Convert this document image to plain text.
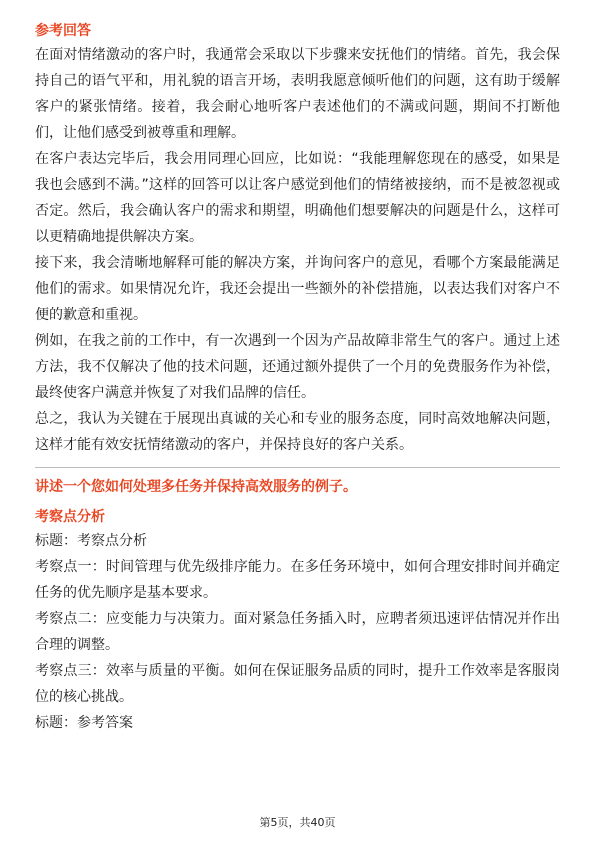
参考回答

在面对情绪激动的客户时，我通常会采取以下步骤来安抚他们的情绪。首先，我会保持自己的语气平和，用礼貌的语言开场，表明我愿意倾听他们的问题，这有助于缓解客户的紧张情绪。接着，我会耐心地听客户表述他们的不满或问题，期间不打断他们，让他们感受到被尊重和理解。

在客户表达完毕后，我会用同理心回应，比如说：“我能理解您现在的感受，如果是我也会感到不满。”这样的回答可以让客户感觉到他们的情绪被接纳，而不是被忽视或否定。然后，我会确认客户的需求和期望，明确他们想要解决的问题是什么，这样可以更精确地提供解决方案。

接下来，我会清晰地解释可能的解决方案，并询问客户的意见，看哪个方案最能满足他们的需求。如果情况允许，我还会提出一些额外的补偿措施，以表达我们对客户不便的歉意和重视。

例如，在我之前的工作中，有一次遇到一个因为产品故障非常生气的客户。通过上述方法，我不仅解决了他的技术问题，还通过额外提供了一个月的免费服务作为补偿，最终使客户满意并恢复了对我们品牌的信任。

总之，我认为关键在于展现出真诚的关心和专业的服务态度，同时高效地解决问题，这样才能有效安抚情绪激动的客户，并保持良好的客户关系。

讲述一个您如何处理多任务并保持高效服务的例子。

考察点分析

标题：考察点分析

考察点一：时间管理与优先级排序能力。在多任务环境中，如何合理安排时间并确定任务的优先顺序是基本要求。

考察点二：应变能力与决策力。面对紧急任务插入时，应聘者须迅速评估情况并作出合理的调整。

考察点三：效率与质量的平衡。如何在保证服务品质的同时，提升工作效率是客服岗位的核心挑战。

标题：参考答案

第5页，共40页
